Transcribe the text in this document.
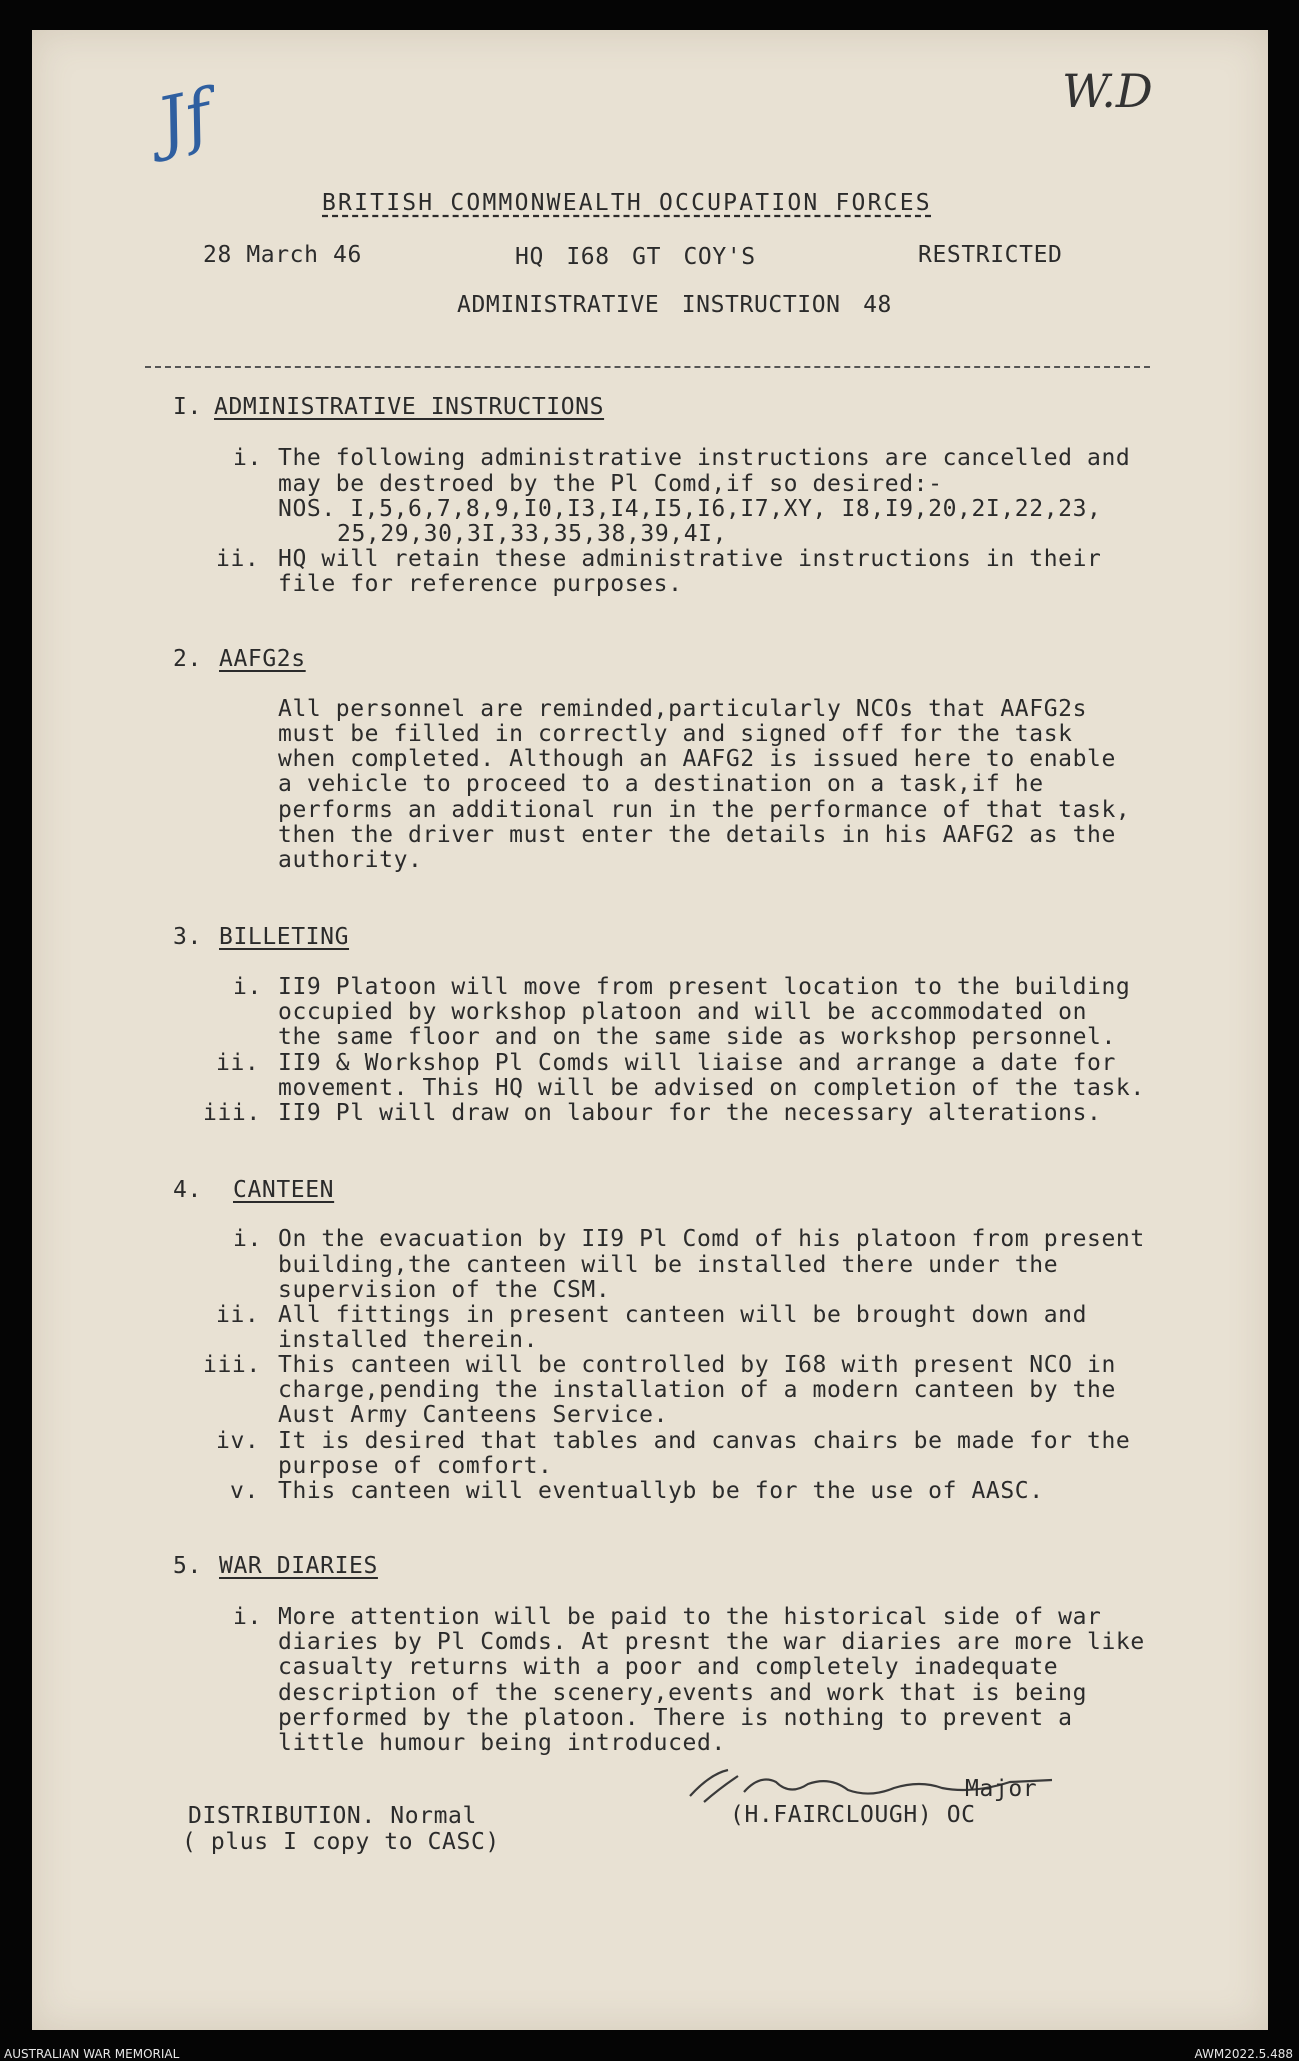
Jf	W.D
BRITISH COMMONWEALTH OCCUPATION FORCES
28 March 46	HQ I68 GT COY'S	RESTRICTED
ADMINISTRATIVE INSTRUCTION 48
I. ADMINISTRATIVE INSTRUCTIONS
i. The following administrative instructions are cancelled and
may be destroed by the Pl Comd,if so desired:-
NOS. I,5,6,7,8,9,I0,I3,I4,I5,I6,I7,XY, I8,I9,20,2I,22,23,
25,29,30,3I,33,35,38,39,4I,
ii. HQ will retain these administrative instructions in their
file for reference purposes.
2. AAFG2s
All personnel are reminded,particularly NCOs that AAFG2s
must be filled in correctly and signed off for the task
when completed. Although an AAFG2 is issued here to enable
a vehicle to proceed to a destination on a task,if he
performs an additional run in the performance of that task,
then the driver must enter the details in his AAFG2 as the
authority.
3. BILLETING
i. II9 Platoon will move from present location to the building
occupied by workshop platoon and will be accommodated on
the same floor and on the same side as workshop personnel.
ii. II9 & Workshop Pl Comds will liaise and arrange a date for
movement. This HQ will be advised on completion of the task.
iii. II9 Pl will draw on labour for the necessary alterations.
4. CANTEEN
i. On the evacuation by II9 Pl Comd of his platoon from present
building,the canteen will be installed there under the
supervision of the CSM.
ii. All fittings in present canteen will be brought down and
installed therein.
iii. This canteen will be controlled by I68 with present NCO in
charge,pending the installation of a modern canteen by the
Aust Army Canteens Service.
iv. It is desired that tables and canvas chairs be made for the
purpose of comfort.
v. This canteen will eventuallyb be for the use of AASC.
5. WAR DIARIES
i. More attention will be paid to the historical side of war
diaries by Pl Comds. At presnt the war diaries are more like
casualty returns with a poor and completely inadequate
description of the scenery,events and work that is being
performed by the platoon. There is nothing to prevent a
little humour being introduced.
Major
(H.FAIRCLOUGH) OC
DISTRIBUTION. Normal
( plus I copy to CASC)
AUSTRALIAN WAR MEMORIAL	AWM2022.5.488
